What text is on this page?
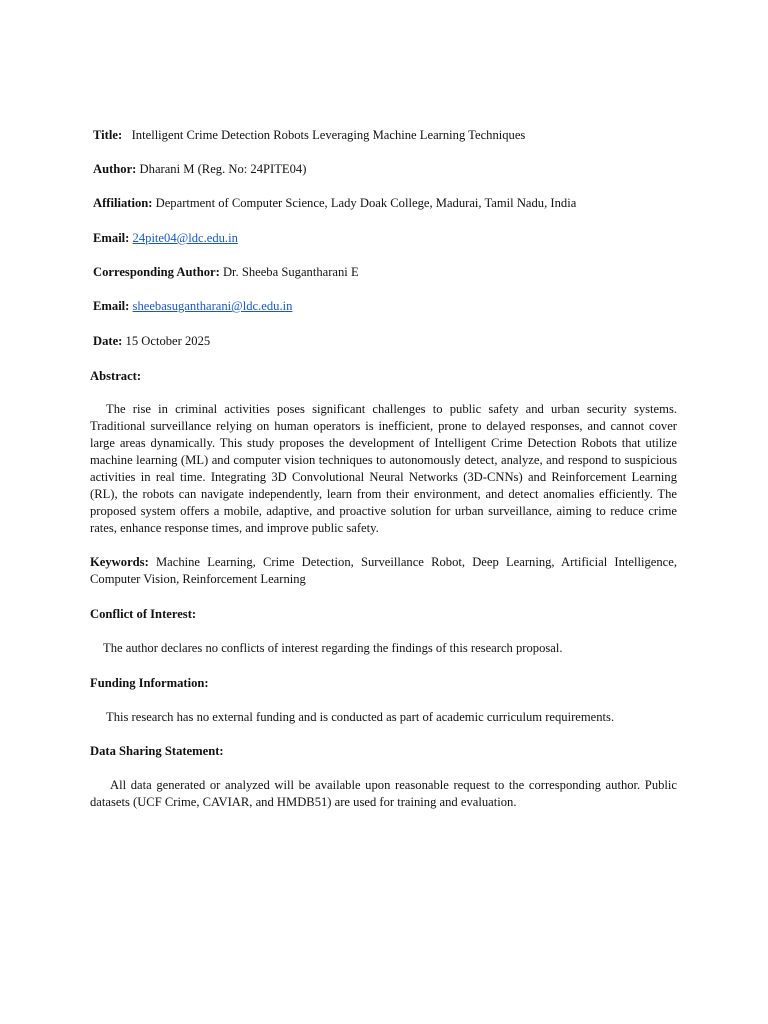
Title: Intelligent Crime Detection Robots Leveraging Machine Learning Techniques
Author: Dharani M (Reg. No: 24PITE04)
Affiliation: Department of Computer Science, Lady Doak College, Madurai, Tamil Nadu, India
Email: 24pite04@ldc.edu.in
Corresponding Author: Dr. Sheeba Sugantharani E
Email: sheebasugantharani@ldc.edu.in
Date: 15 October 2025
Abstract:

The rise in criminal activities poses significant challenges to public safety and urban security systems. Traditional surveillance relying on human operators is inefficient, prone to delayed responses, and cannot cover large areas dynamically. This study proposes the development of Intelligent Crime Detection Robots that utilize machine learning (ML) and computer vision techniques to autonomously detect, analyze, and respond to suspicious activities in real time. Integrating 3D Convolutional Neural Networks (3D-CNNs) and Reinforcement Learning (RL), the robots can navigate independently, learn from their environment, and detect anomalies efficiently. The proposed system offers a mobile, adaptive, and proactive solution for urban surveillance, aiming to reduce crime rates, enhance response times, and improve public safety.

Keywords: Machine Learning, Crime Detection, Surveillance Robot, Deep Learning, Artificial Intelligence, Computer Vision, Reinforcement Learning

Conflict of Interest:

The author declares no conflicts of interest regarding the findings of this research proposal.

Funding Information:

This research has no external funding and is conducted as part of academic curriculum requirements.

Data Sharing Statement:

All data generated or analyzed will be available upon reasonable request to the corresponding author. Public datasets (UCF Crime, CAVIAR, and HMDB51) are used for training and evaluation.
